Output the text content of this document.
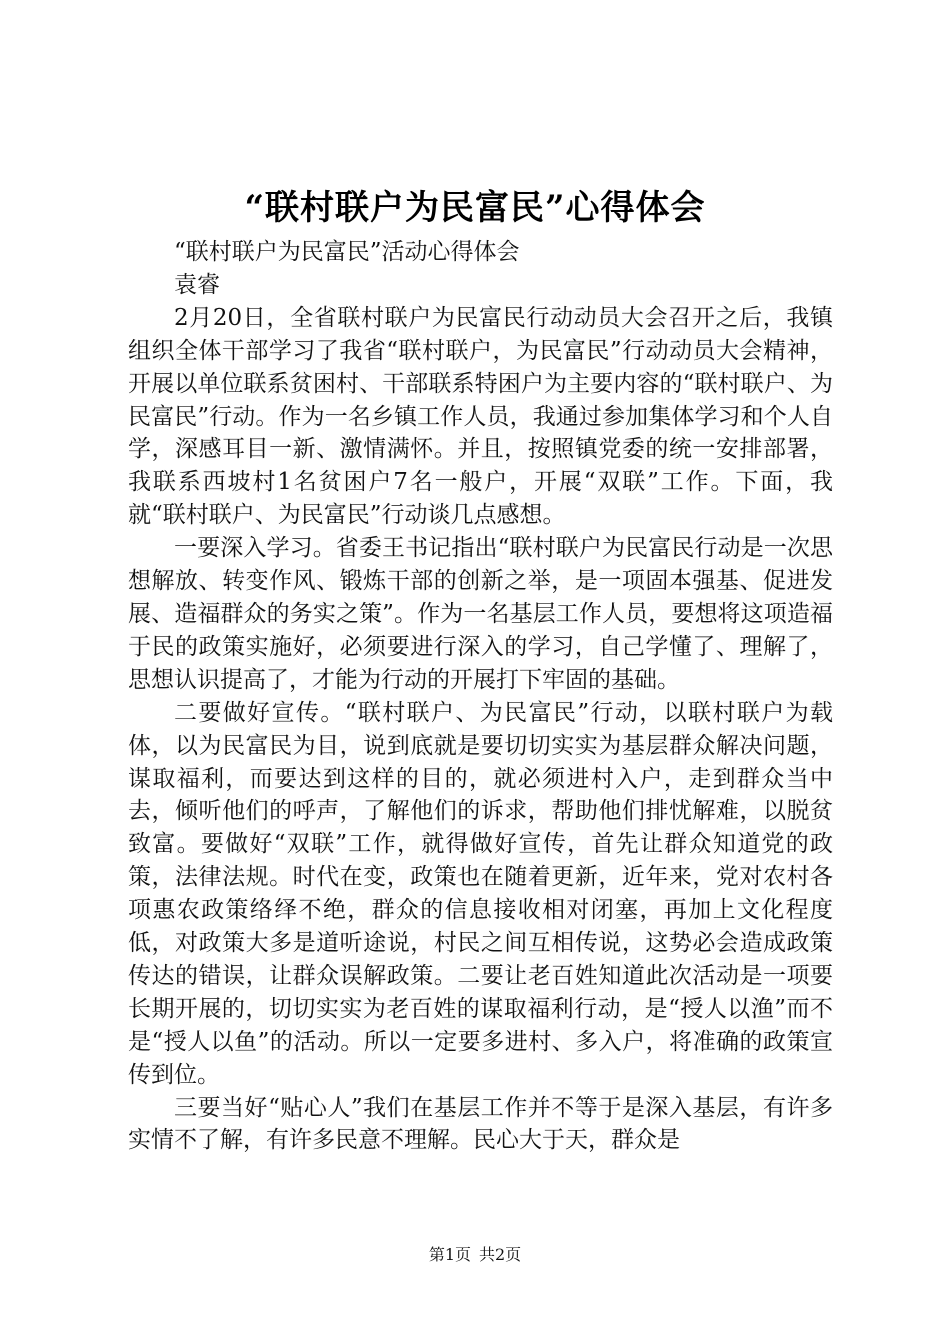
“联村联户为民富民”心得体会

“联村联户为民富民”活动心得体会

袁睿

2月20日，全省联村联户为民富民行动动员大会召开之后，我镇组织全体干部学习了我省“联村联户，为民富民”行动动员大会精神，开展以单位联系贫困村、干部联系特困户为主要内容的“联村联户、为民富民”行动。作为一名乡镇工作人员，我通过参加集体学习和个人自学，深感耳目一新、激情满怀。并且，按照镇党委的统一安排部署，我联系西坡村1名贫困户7名一般户，开展“双联”工作。下面，我就“联村联户、为民富民”行动谈几点感想。

一要深入学习。省委王书记指出“联村联户为民富民行动是一次思想解放、转变作风、锻炼干部的创新之举，是一项固本强基、促进发展、造福群众的务实之策”。作为一名基层工作人员，要想将这项造福于民的政策实施好，必须要进行深入的学习，自己学懂了、理解了，思想认识提高了，才能为行动的开展打下牢固的基础。

二要做好宣传。“联村联户、为民富民”行动，以联村联户为载体，以为民富民为目，说到底就是要切切实实为基层群众解决问题，谋取福利，而要达到这样的目的，就必须进村入户，走到群众当中去，倾听他们的呼声，了解他们的诉求，帮助他们排忧解难，以脱贫致富。要做好“双联”工作，就得做好宣传，首先让群众知道党的政策，法律法规。时代在变，政策也在随着更新，近年来，党对农村各项惠农政策络绎不绝，群众的信息接收相对闭塞，再加上文化程度低，对政策大多是道听途说，村民之间互相传说，这势必会造成政策传达的错误，让群众误解政策。二要让老百姓知道此次活动是一项要长期开展的，切切实实为老百姓的谋取福利行动，是“授人以渔”而不是“授人以鱼”的活动。所以一定要多进村、多入户，将准确的政策宣传到位。

三要当好“贴心人”我们在基层工作并不等于是深入基层，有许多实情不了解，有许多民意不理解。民心大于天，群众是

第1页 共2页
